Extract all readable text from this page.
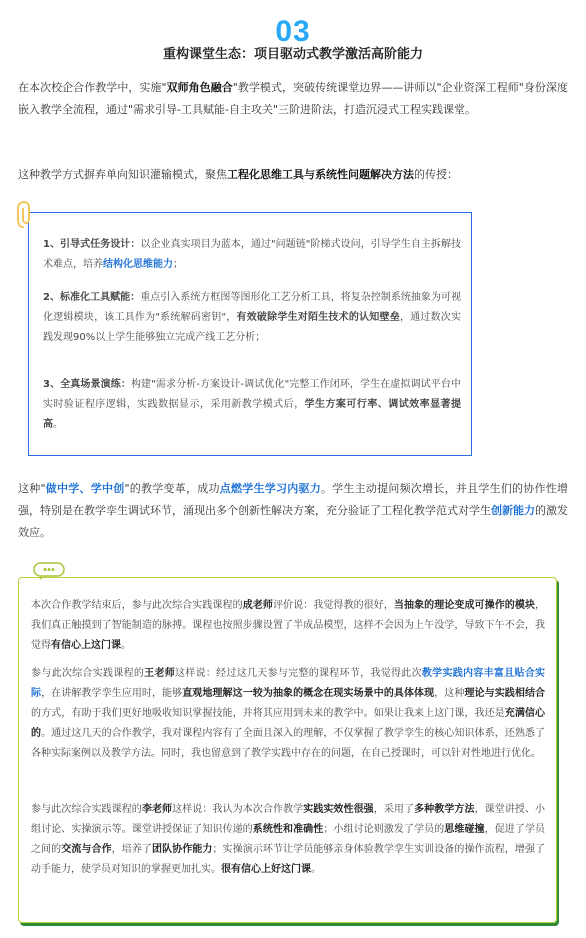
03
重构课堂生态：项目驱动式教学激活高阶能力
在本次校企合作教学中，实施"双师角色融合"教学模式，突破传统课堂边界——讲师以"企业资深工程师"身份深度嵌入教学全流程，通过"需求引导-工具赋能-自主攻关"三阶进阶法，打造沉浸式工程实践课堂。
这种教学方式摒弃单向知识灌输模式，聚焦工程化思维工具与系统性问题解决方法的传授：
1、引导式任务设计：以企业真实项目为蓝本，通过"问题链"阶梯式设问，引导学生自主拆解技术难点，培养结构化思维能力；
2、标准化工具赋能：重点引入系统方框图等图形化工艺分析工具，将复杂控制系统抽象为可视化逻辑模块，该工具作为"系统解码密钥"，有效破除学生对陌生技术的认知壁垒，通过数次实践发现90%以上学生能够独立完成产线工艺分析；
3、全真场景演练：构建"需求分析-方案设计-调试优化"完整工作闭环，学生在虚拟调试平台中实时验证程序逻辑，实践数据显示，采用新教学模式后，学生方案可行率、调试效率显著提高。
这种"做中学、学中创"的教学变革，成功点燃学生学习内驱力。学生主动提问频次增长，并且学生们的协作性增强，特别是在教学孪生调试环节，涌现出多个创新性解决方案，充分验证了工程化教学范式对学生创新能力的激发效应。
本次合作教学结束后，参与此次综合实践课程的成老师评价说：我觉得教的很好，当抽象的理论变成可操作的模块，我们真正触摸到了智能制造的脉搏。课程也按照步骤设置了半成品模型，这样不会因为上午没学，导致下午不会，我觉得有信心上这门课。
参与此次综合实践课程的王老师这样说：经过这几天参与完整的课程环节，我觉得此次教学实践内容丰富且贴合实际，在讲解教学孪生应用时，能够直观地理解这一较为抽象的概念在现实场景中的具体体现，这种理论与实践相结合的方式，有助于我们更好地吸收知识掌握技能，并将其应用到未来的教学中。如果让我来上这门课，我还是充满信心的。通过这几天的合作教学，我对课程内容有了全面且深入的理解，不仅掌握了教学孪生的核心知识体系，还熟悉了各种实际案例以及教学方法。同时，我也留意到了教学实践中存在的问题，在自己授课时，可以针对性地进行优化。
参与此次综合实践课程的李老师这样说：我认为本次合作教学实践实效性很强，采用了多种教学方法，课堂讲授、小组讨论、实操演示等。课堂讲授保证了知识传递的系统性和准确性；小组讨论则激发了学员的思维碰撞，促进了学员之间的交流与合作，培养了团队协作能力；实操演示环节让学员能够亲身体验教学孪生实训设备的操作流程，增强了动手能力，使学员对知识的掌握更加扎实。很有信心上好这门课。
